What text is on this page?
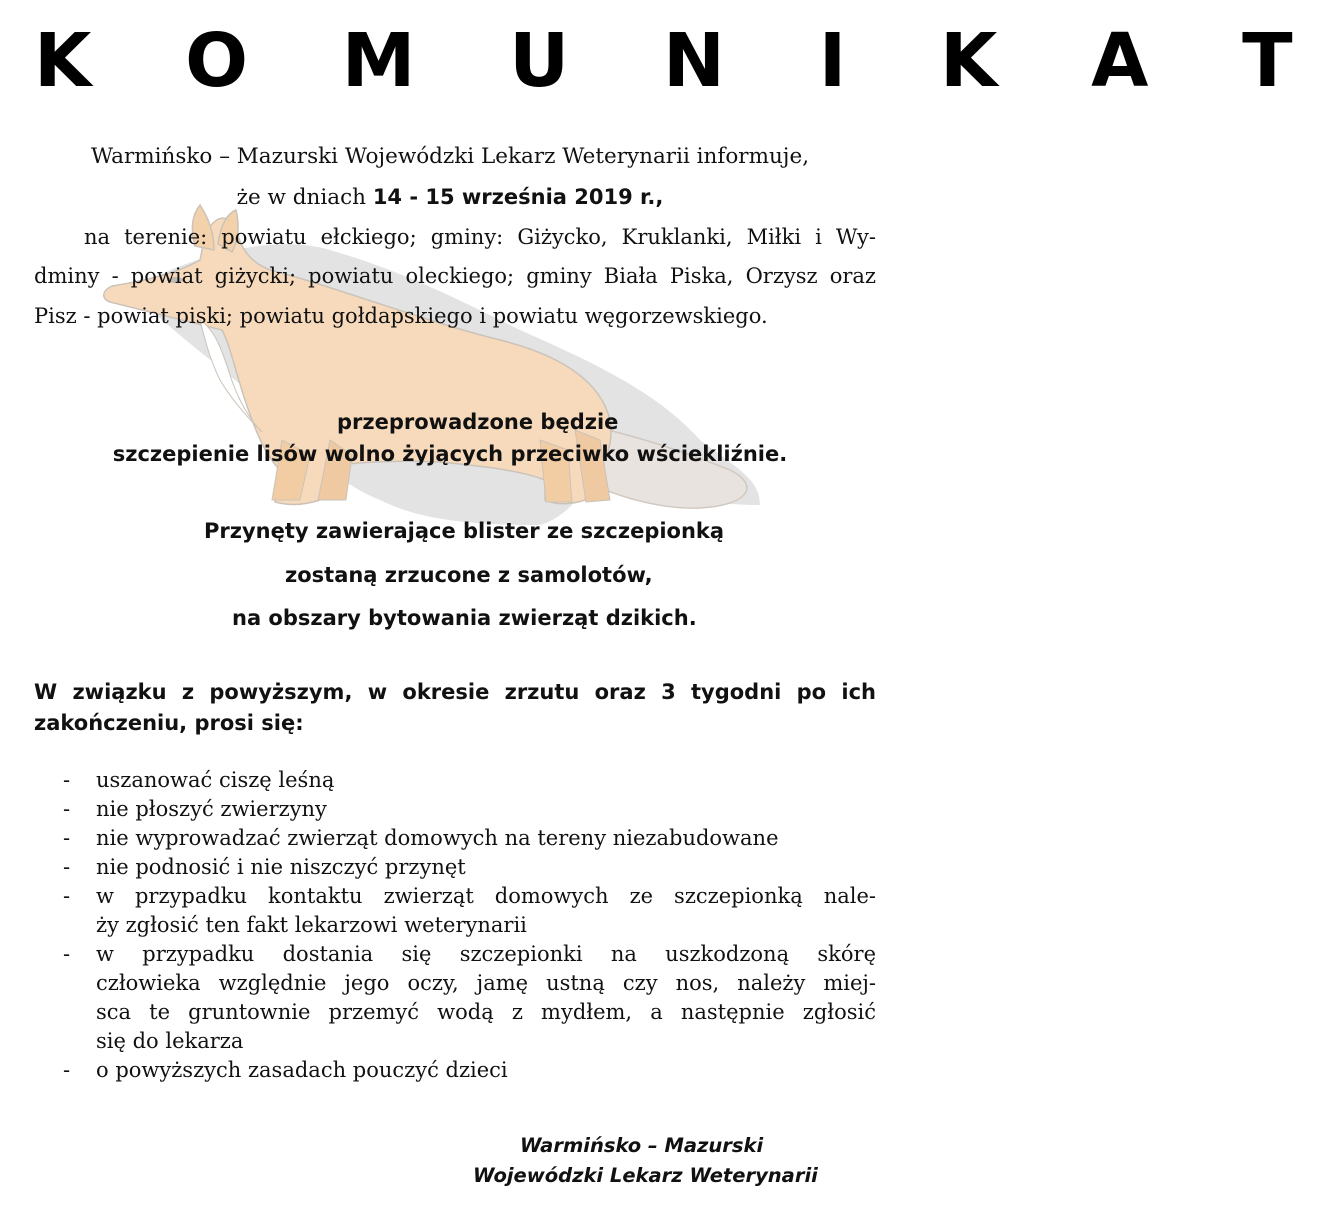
K O M U N I K A T
Warmińsko – Mazurski Wojewódzki Lekarz Weterynarii informuje,
że w dniach 14 - 15 września 2019 r.,
na terenie: powiatu ełckiego; gminy: Giżycko, Kruklanki, Miłki i Wy-
dminy - powiat giżycki; powiatu oleckiego; gminy Biała Piska, Orzysz oraz
Pisz - powiat piski; powiatu gołdapskiego i powiatu węgorzewskiego.
przeprowadzone będzie
szczepienie lisów wolno żyjących przeciwko wściekliźnie.
Przynęty zawierające blister ze szczepionką
zostaną zrzucone z samolotów,
na obszary bytowania zwierząt dzikich.
W związku z powyższym, w okresie zrzutu oraz 3 tygodni po ich
zakończeniu, prosi się:
- uszanować ciszę leśną
- nie płoszyć zwierzyny
- nie wyprowadzać zwierząt domowych na tereny niezabudowane
- nie podnosić i nie niszczyć przynęt
- w przypadku kontaktu zwierząt domowych ze szczepionką nale-
ży zgłosić ten fakt lekarzowi weterynarii
- w przypadku dostania się szczepionki na uszkodzoną skórę
człowieka względnie jego oczy, jamę ustną czy nos, należy miej-
sca te gruntownie przemyć wodą z mydłem, a następnie zgłosić
się do lekarza
- o powyższych zasadach pouczyć dzieci
Warmińsko – Mazurski
Wojewódzki Lekarz Weterynarii
